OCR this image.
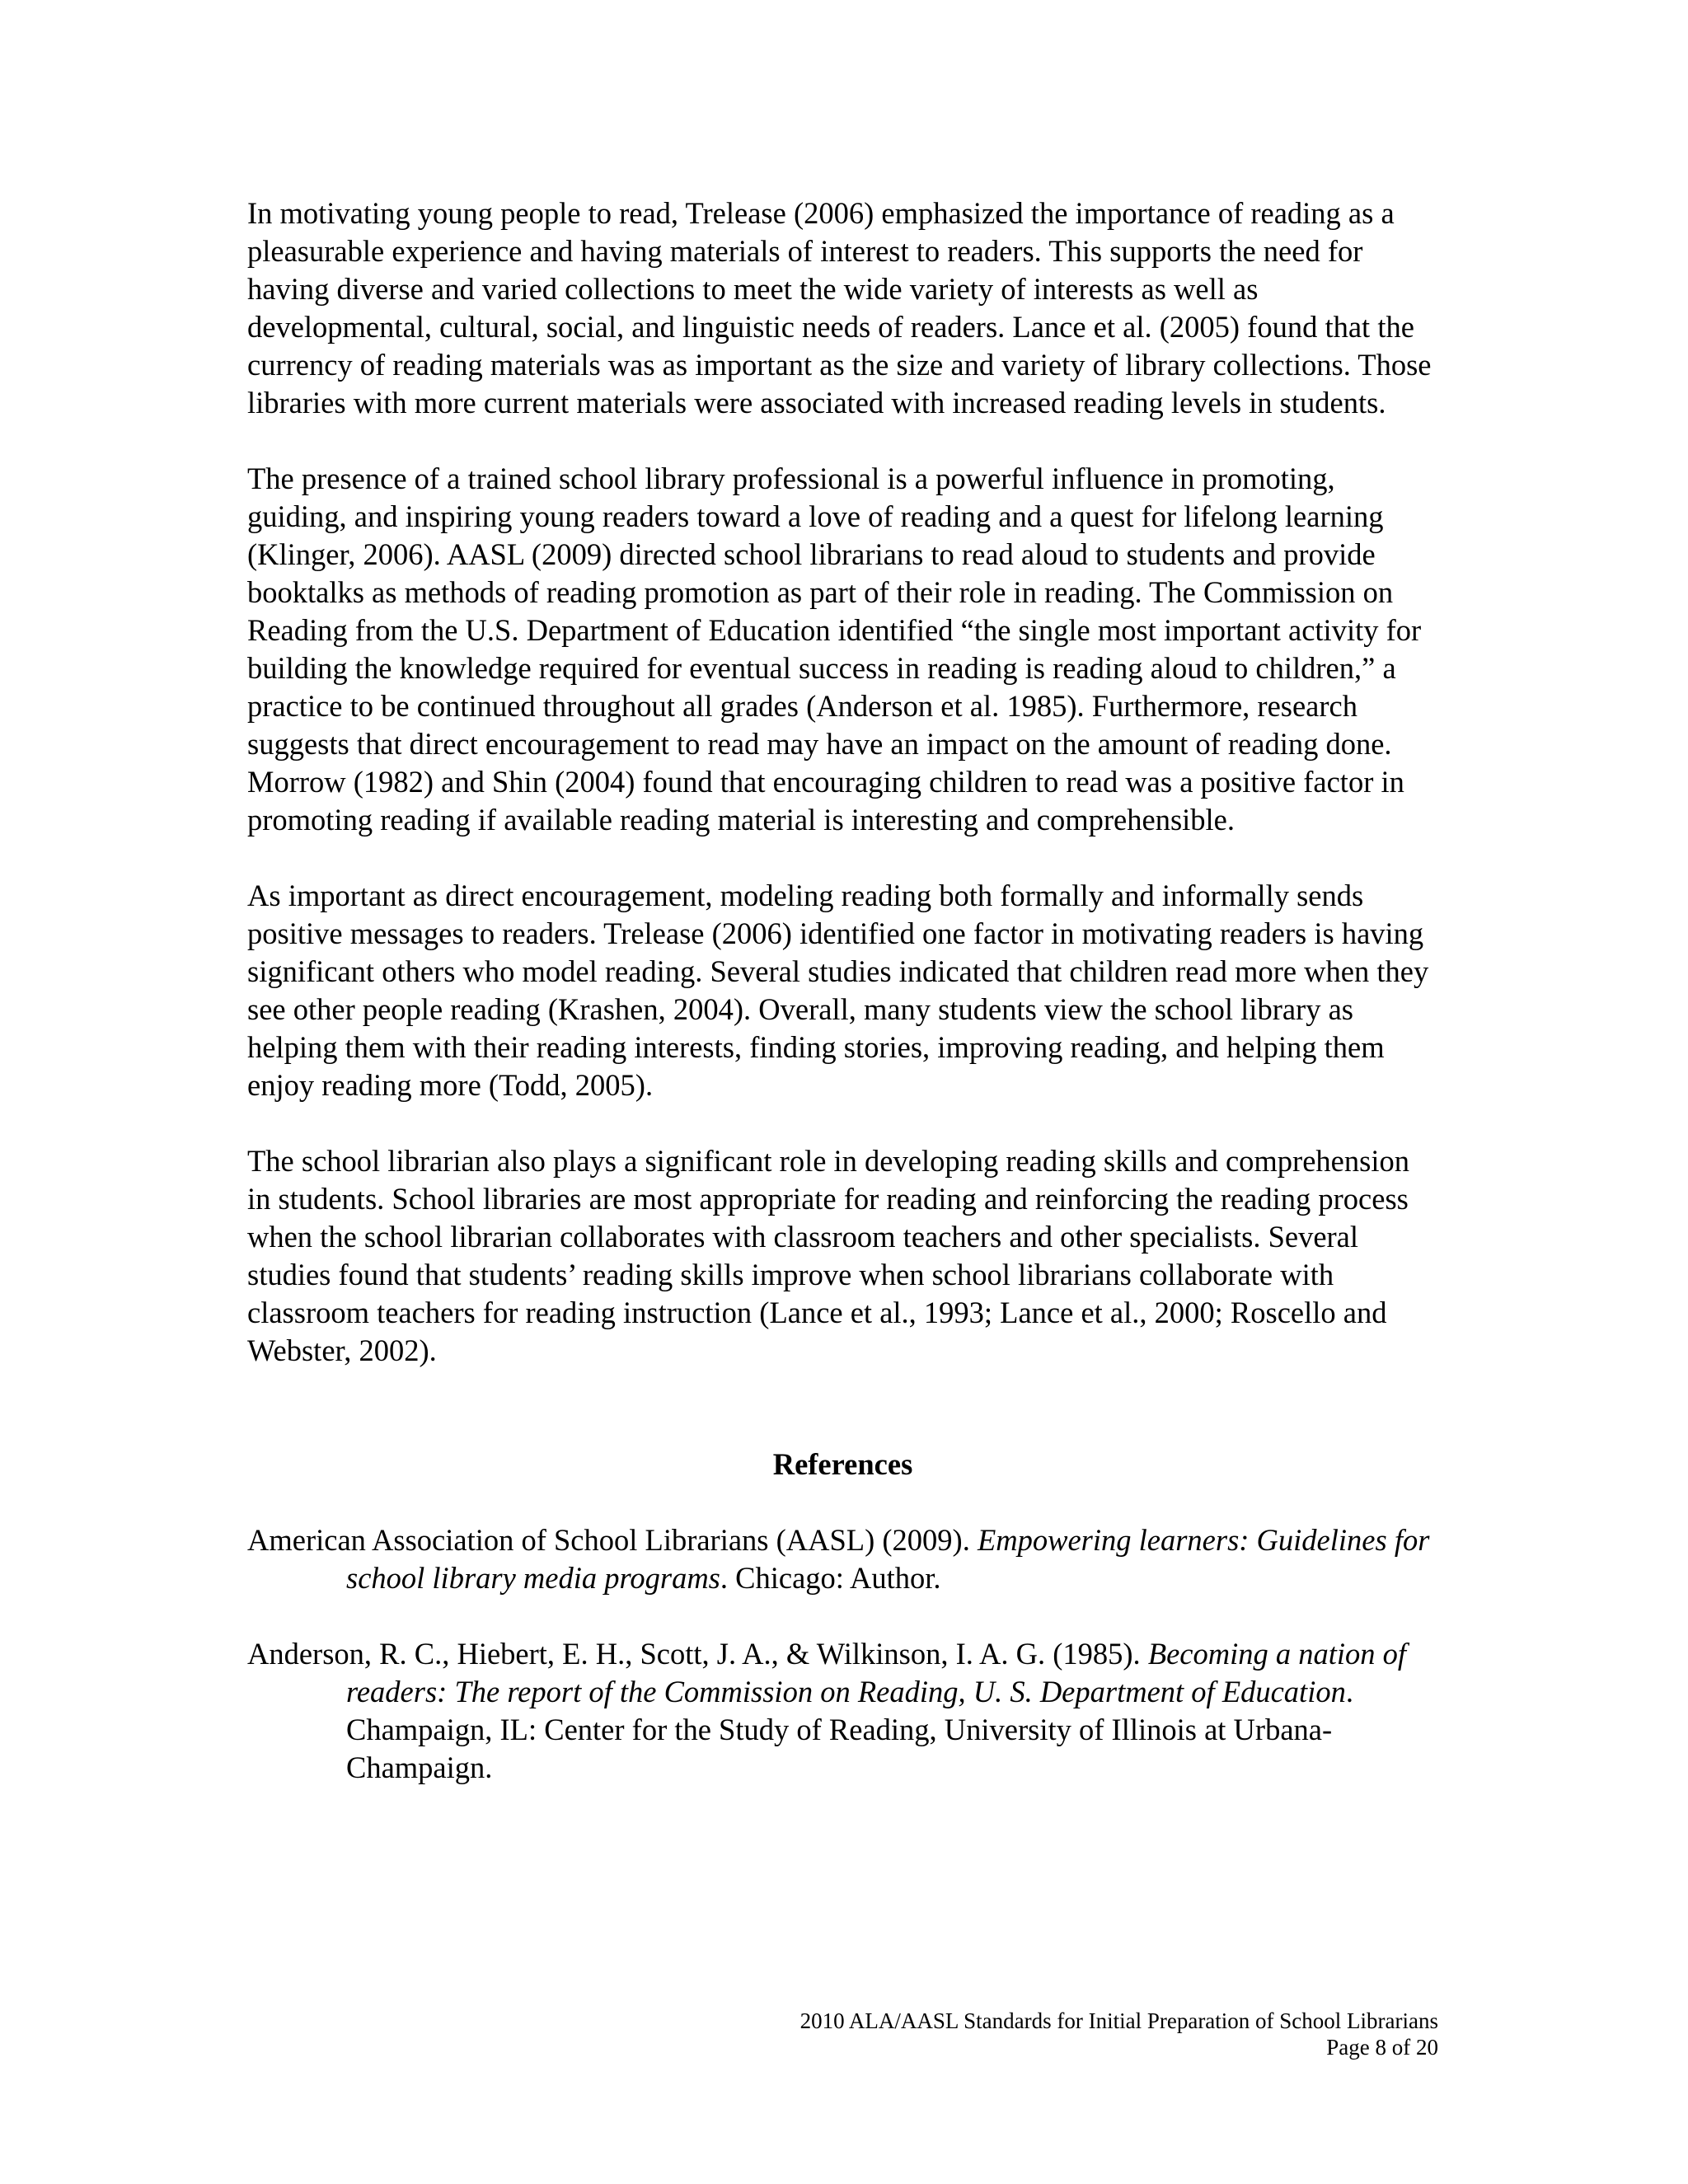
In motivating young people to read, Trelease (2006) emphasized the importance of reading as a pleasurable experience and having materials of interest to readers. This supports the need for having diverse and varied collections to meet the wide variety of interests as well as developmental, cultural, social, and linguistic needs of readers. Lance et al. (2005) found that the currency of reading materials was as important as the size and variety of library collections. Those libraries with more current materials were associated with increased reading levels in students.

The presence of a trained school library professional is a powerful influence in promoting, guiding, and inspiring young readers toward a love of reading and a quest for lifelong learning (Klinger, 2006). AASL (2009) directed school librarians to read aloud to students and provide booktalks as methods of reading promotion as part of their role in reading. The Commission on Reading from the U.S. Department of Education identified “the single most important activity for building the knowledge required for eventual success in reading is reading aloud to children,” a practice to be continued throughout all grades (Anderson et al. 1985). Furthermore, research suggests that direct encouragement to read may have an impact on the amount of reading done. Morrow (1982) and Shin (2004) found that encouraging children to read was a positive factor in promoting reading if available reading material is interesting and comprehensible.

As important as direct encouragement, modeling reading both formally and informally sends positive messages to readers. Trelease (2006) identified one factor in motivating readers is having significant others who model reading. Several studies indicated that children read more when they see other people reading (Krashen, 2004). Overall, many students view the school library as helping them with their reading interests, finding stories, improving reading, and helping them enjoy reading more (Todd, 2005).

The school librarian also plays a significant role in developing reading skills and comprehension in students. School libraries are most appropriate for reading and reinforcing the reading process when the school librarian collaborates with classroom teachers and other specialists. Several studies found that students’ reading skills improve when school librarians collaborate with classroom teachers for reading instruction (Lance et al., 1993; Lance et al., 2000; Roscello and Webster, 2002).

References
American Association of School Librarians (AASL) (2009). Empowering learners: Guidelines for school library media programs. Chicago: Author.
Anderson, R. C., Hiebert, E. H., Scott, J. A., & Wilkinson, I. A. G. (1985). Becoming a nation of readers: The report of the Commission on Reading, U. S. Department of Education. Champaign, IL: Center for the Study of Reading, University of Illinois at Urbana-Champaign.
2010 ALA/AASL Standards for Initial Preparation of School Librarians
Page 8 of 20
